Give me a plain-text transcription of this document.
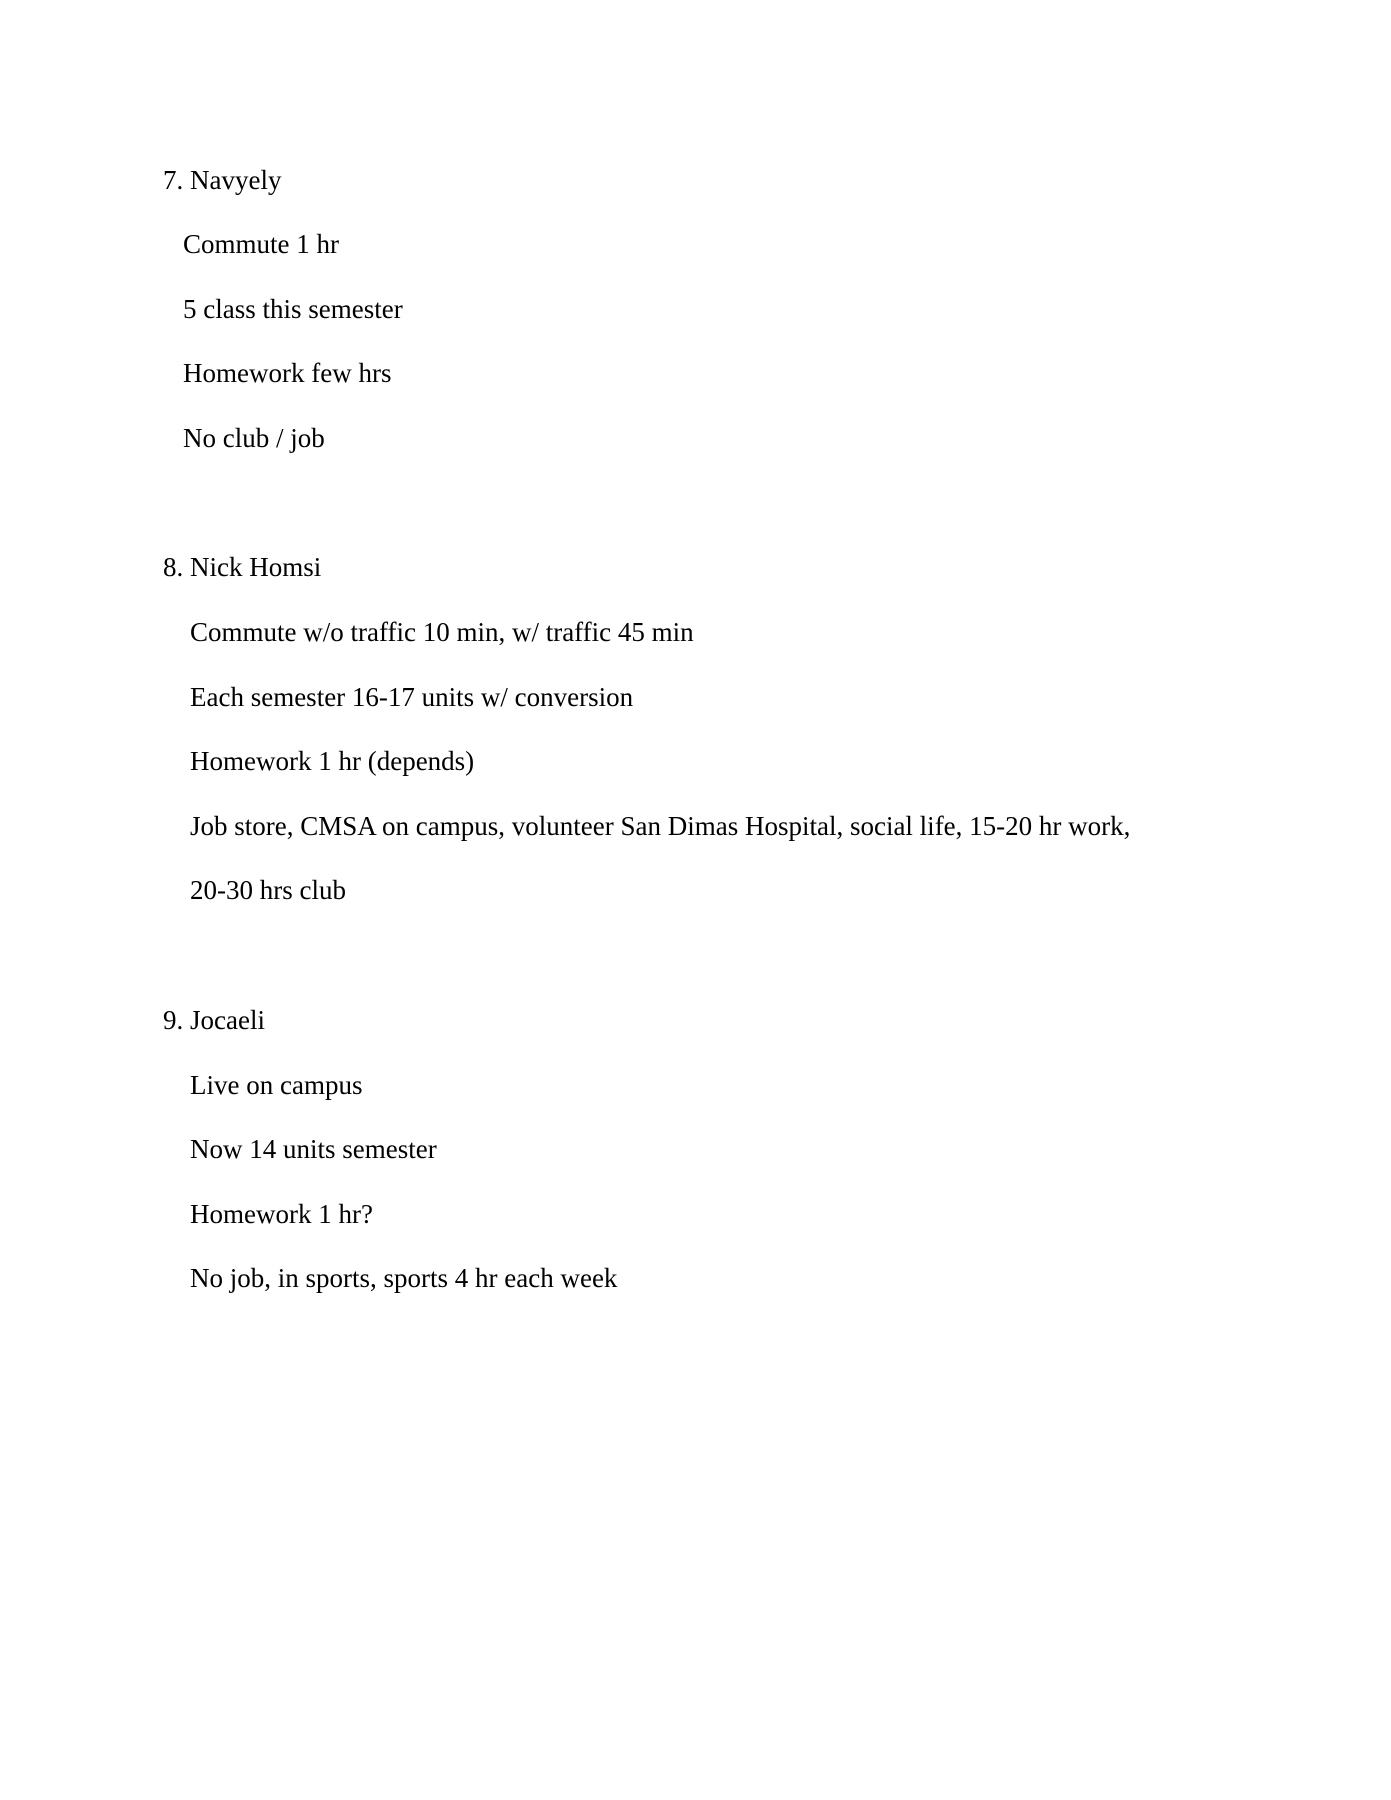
7. Navyely
Commute 1 hr
5 class this semester
Homework few hrs
No club / job
8. Nick Homsi
Commute w/o traffic 10 min, w/ traffic 45 min
Each semester 16-17 units w/ conversion
Homework 1 hr (depends)
Job store, CMSA on campus, volunteer San Dimas Hospital, social life, 15-20 hr work,
20-30 hrs club
9. Jocaeli
Live on campus
Now 14 units semester
Homework 1 hr?
No job, in sports, sports 4 hr each week
